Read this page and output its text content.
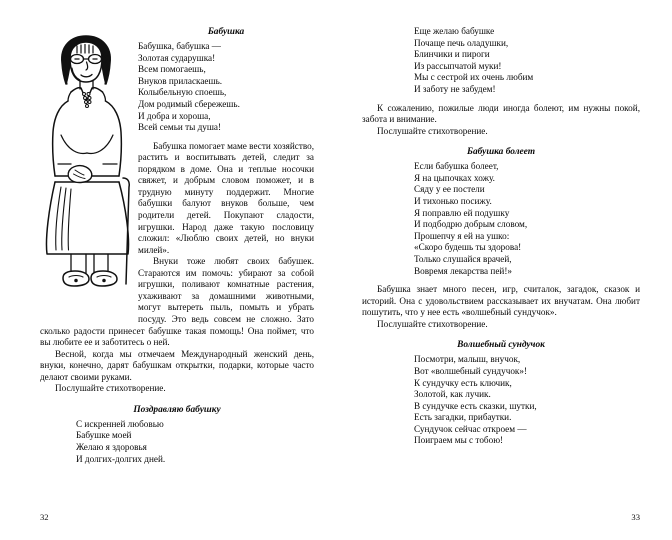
Бабушка
Бабушка, бабушка —
Золотая сударушка!
Всем помогаешь,
Внуков приласкаешь.
Колыбельную споешь,
Дом родимый сбережешь.
И добра и хороша,
Всей семьи ты душа!

Бабушка помогает маме вести хозяйство, растить и воспитывать детей, следит за порядком в доме. Она и теплые носочки свяжет, и добрым словом поможет, и в трудную минуту поддержит. Многие бабушки балуют внуков больше, чем родители детей. Покупают сладости, игрушки. Народ даже такую пословицу сложил: «Люблю своих детей, но внуки милей».

Внуки тоже любят своих бабушек. Стараются им помочь: убирают за собой игрушки, поливают комнатные растения, ухаживают за домашними животными, могут вытереть пыль, помыть и убрать посуду. Это ведь совсем не сложно. Зато сколько радости принесет бабушке такая помощь! Она поймет, что вы любите ее и заботитесь о ней.

Весной, когда мы отмечаем Международный женский день, внуки, конечно, дарят бабушкам открытки, подарки, которые часто делают своими руками.

Послушайте стихотворение.

Поздравляю бабушку
С искренней любовью
Бабушке моей
Желаю я здоровья
И долгих-долгих дней.
32
Еще желаю бабушке
Почаще печь оладушки,
Блинчики и пироги
Из рассыпчатой муки!
Мы с сестрой их очень любим
И заботу не забудем!

К сожалению, пожилые люди иногда болеют, им нужны покой, забота и внимание.

Послушайте стихотворение.

Бабушка болеет
Если бабушка болеет,
Я на цыпочках хожу.
Сяду у ее постели
И тихонько посижу.
Я поправлю ей подушку
И подбодрю добрым словом,
Прошепчу я ей на ушко:
«Скоро будешь ты здорова!
Только слушайся врачей,
Вовремя лекарства пей!»

Бабушка знает много песен, игр, считалок, загадок, сказок и историй. Она с удовольствием рассказывает их внучатам. Она любит пошутить, что у нее есть «волшебный сундучок».

Послушайте стихотворение.

Волшебный сундучок
Посмотри, малыш, внучок,
Вот «волшебный сундучок»!
К сундучку есть ключик,
Золотой, как лучик.
В сундучке есть сказки, шутки,
Есть загадки, прибаутки.
Сундучок сейчас откроем —
Поиграем мы с тобою!
33
